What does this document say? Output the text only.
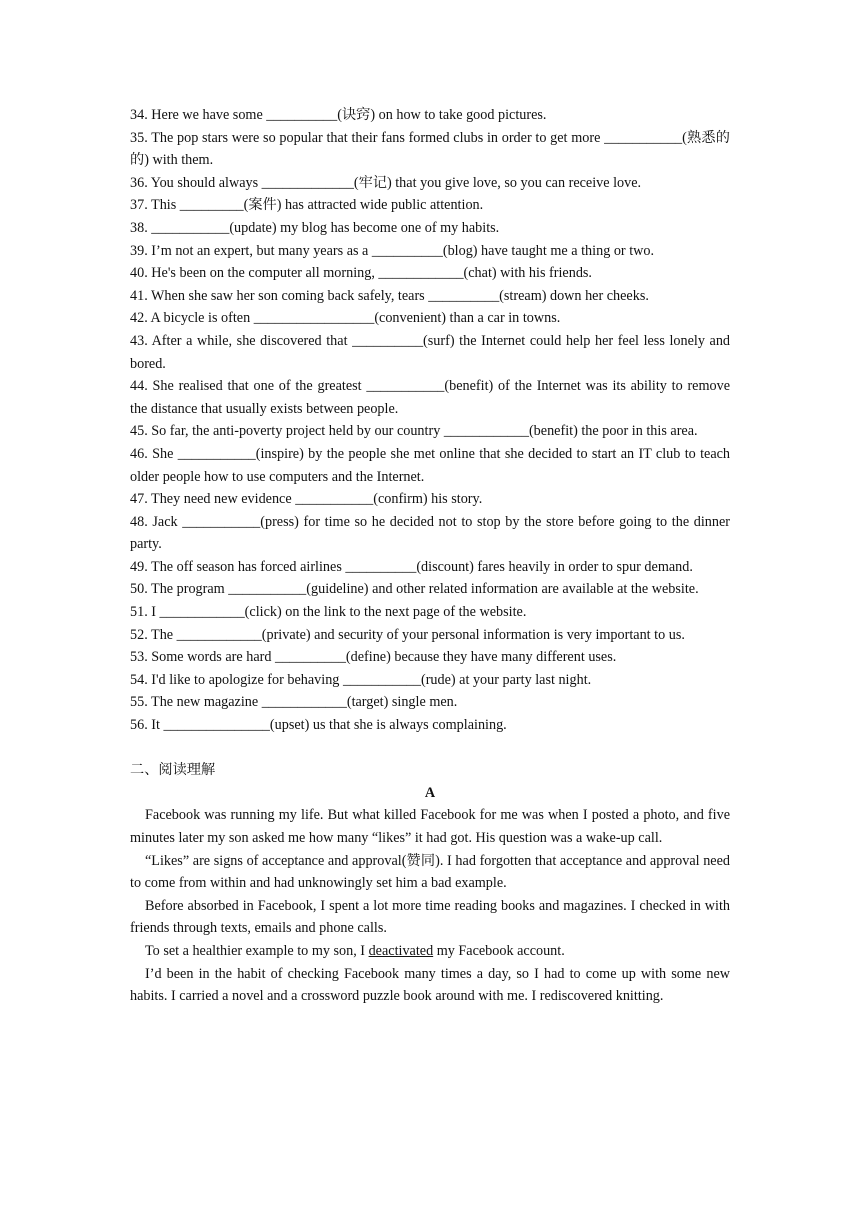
34. Here we have some __________(诀窍) on how to take good pictures.
35. The pop stars were so popular that their fans formed clubs in order to get more ___________(熟悉的的) with them.
36. You should always _____________(牢记) that you give love, so you can receive love.
37. This _________(案件) has attracted wide public attention.
38. ___________(update) my blog has become one of my habits.
39. I’m not an expert, but many years as a __________(blog) have taught me a thing or two.
40. He's been on the computer all morning, ____________(chat) with his friends.
41. When she saw her son coming back safely, tears __________(stream) down her cheeks.
42. A bicycle is often _________________(convenient) than a car in towns.
43. After a while, she discovered that __________(surf) the Internet could help her feel less lonely and bored.
44. She realised that one of the greatest ___________(benefit) of the Internet was its ability to remove the distance that usually exists between people.
45. So far, the anti-poverty project held by our country ____________(benefit) the poor in this area.
46. She ___________(inspire) by the people she met online that she decided to start an IT club to teach older people how to use computers and the Internet.
47. They need new evidence ___________(confirm) his story.
48. Jack ___________(press) for time so he decided not to stop by the store before going to the dinner party.
49. The off season has forced airlines __________(discount) fares heavily in order to spur demand.
50. The program ___________(guideline) and other related information are available at the website.
51. I ____________(click) on the link to the next page of the website.
52. The ____________(private) and security of your personal information is very important to us.
53. Some words are hard __________(define) because they have many different uses.
54. I'd like to apologize for behaving ___________(rude) at your party last night.
55. The new magazine ____________(target) single men.
56. It _______________(upset) us that she is always complaining.
二、阅读理解
A
Facebook was running my life. But what killed Facebook for me was when I posted a photo, and five minutes later my son asked me how many “likes” it had got. His question was a wake-up call.
“Likes” are signs of acceptance and approval(赞同). I had forgotten that acceptance and approval need to come from within and had unknowingly set him a bad example.
Before absorbed in Facebook, I spent a lot more time reading books and magazines. I checked in with friends through texts, emails and phone calls.
To set a healthier example to my son, I deactivated my Facebook account.
I’d been in the habit of checking Facebook many times a day, so I had to come up with some new habits. I carried a novel and a crossword puzzle book around with me. I rediscovered knitting.
